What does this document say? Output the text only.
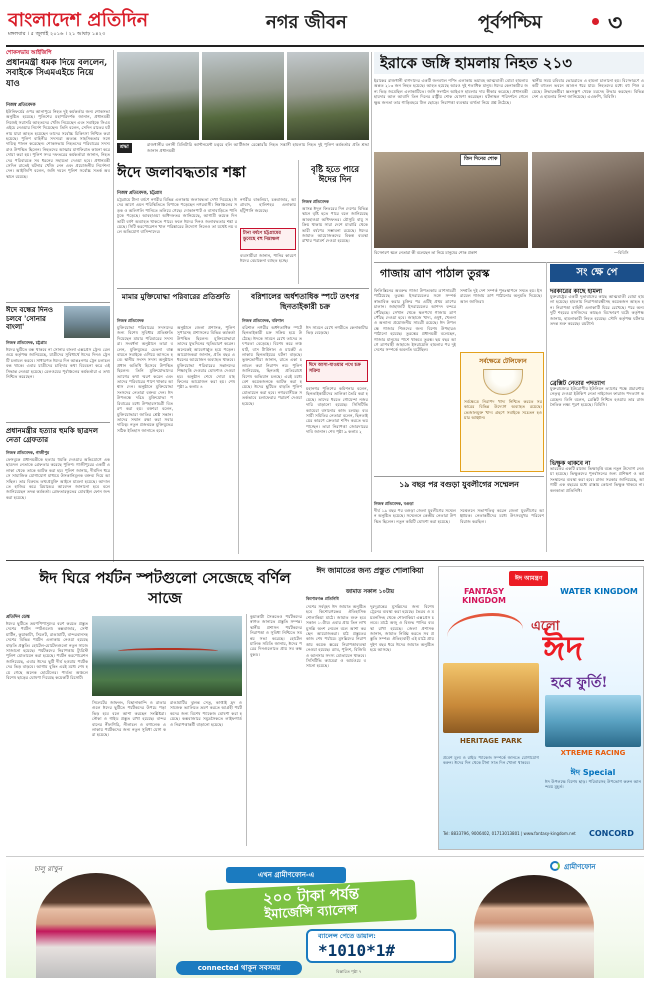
বাংলাদেশ প্রতিদিন
মঙ্গলবার । ৫ জুলাই ২০১৬ । ২১ আষাঢ় ১৪২৩
নগর জীবন	পূর্বপশ্চিম	৩
শোকসভায় আইজিপি
প্রধানমন্ত্রী ধমক দিয়ে বললেন, সবাইকে সিএমএইচে নিয়ে যাও
নিজস্ব প্রতিবেদক
ইউনিফর্মের ওপর আনাপুরে নিহত দুই কর্মকর্তার জন্য শোকসভা অনুষ্ঠিত হয়েছে। পুলিশের মহাপরিদর্শক জানান, প্রধানমন্ত্রী নিজেই সরাসরি আহতদের খোঁজ নিয়েছেন এবং সবাইকে সিএমএইচে নেওয়ার নির্দেশ দিয়েছেন। তিনি বলেন, সেদিন রাতের ঘটনায় যারা আহত হয়েছেন তাদের সর্বোচ্চ চিকিৎসা নিশ্চিত করা হয়েছে। পুলিশ বাহিনীর সদস্যরা অত্যন্ত সাহসিকতার সঙ্গে দায়িত্ব পালন করেছেন। শোকসভায় নিহতদের পরিবারের সদস্যরাও উপস্থিত ছিলেন। নিহতদের আত্মার মাগফিরাত কামনা করে দোয়া করা হয়। পুলিশ সদর দফতরের কর্মকর্তারা জানান, নিহতদের পরিবারকে সব ধরনের সহায়তা দেওয়া হবে। প্রধানমন্ত্রী সেদিন রাতেই ঘটনার খোঁজ নেন এবং প্রয়োজনীয় নির্দেশনা দেন। আইজিপি বলেন, জঙ্গি দমনে পুলিশ সর্বোচ্চ সতর্ক অবস্থানে রয়েছে।
ঈদে বন্ধের দিনও চলবে 'সোনার বাংলা'
নিজস্ব প্রতিবেদক, চট্টগ্রাম
ঈদের ছুটিতে বন্ধ থাকবে না সোনার বাংলা এক্সপ্রেস ট্রেন। রেলওয়ে কর্তৃপক্ষ জানিয়েছে, যাত্রীদের সুবিধার্থে ঈদের দিনও ট্রেনটি চলাচল করবে। সাধারণত ঈদের দিন আন্তঃনগর ট্রেন চলাচল বন্ধ থাকে। এবার যাত্রীদের চাহিদার কথা বিবেচনা করে এই সিদ্ধান্ত নেওয়া হয়েছে। রেলওয়ের পূর্বাঞ্চলের কর্মকর্তারা এ তথ্য নিশ্চিত করেছেন।
প্রধানমন্ত্রীর হত্যার হুমকি ছাত্রদল নেতা গ্রেফতার
নিজস্ব প্রতিবেদক, গাজীপুর
ফেসবুকে প্রধানমন্ত্রীকে হত্যার হুমকি দেওয়ার অভিযোগে এক ছাত্রদল নেতাকে গ্রেফতার করেছে পুলিশ। গাজীপুরের একটি এলাকা থেকে তাকে আটক করা হয়। পুলিশ জানায়, দীর্ঘদিন ধরে সে সামাজিক যোগাযোগ মাধ্যমে উসকানিমূলক বক্তব্য দিয়ে আসছিল। তার বিরুদ্ধে তথ্যপ্রযুক্তি আইনে মামলা হয়েছে। আদালতে হাজির করে রিমান্ডের আবেদন জানানো হবে বলে জানিয়েছেন তদন্ত কর্মকর্তা। গ্রেফতারকৃতের মোবাইল ফোন জব্দ করা হয়েছে।
শ্রদ্ধা	রাজধানীর বনানী মিলিটারি ক্যান্টনমেন্ট চত্বরে হলি আর্টিজান রেস্তোরাঁয় নিহত সন্ত্রাসী হামলায় নিহত দুই পুলিশ কর্মকর্তার প্রতি শ্রদ্ধা জানান প্রধানমন্ত্রী
ইরাকে জঙ্গি হামলায় নিহত ২১৩
ইরাকের রাজধানী বাগদাদের একটি জনবহুল শপিং এলাকায় ভয়াবহ আত্মঘাতী বোমা হামলায় অন্তত ২১৩ জন নিহত হয়েছে। আহত হয়েছে আরও দুই শতাধিক মানুষ। ঈদের কেনাকাটার জন্য ভিড় জমেছিল এলাকাটিতে। জঙ্গি সংগঠন আইএস হামলার দায় স্বীকার করেছে। প্রধানমন্ত্রী হায়দার আল আবাদি তিন দিনের রাষ্ট্রীয় শোক ঘোষণা করেছেন। ঘটনাস্থল পরিদর্শনে গেলে ক্ষুব্ধ জনতা তার গাড়িবহরে ঢিল ছোড়ে। নিরাপত্তা ব্যবস্থার ব্যর্থতা নিয়ে প্রশ্ন উঠেছে।
স্থানীয় সময় রবিবার ভোররাতে এ হামলা চালানো হয়। বিস্ফোরণে একটি বহুতল ভবনে আগুন ধরে যায়। নিহতদের মধ্যে বহু শিশু রয়েছে। উদ্ধারকর্মীরা ধ্বংসস্তূপ থেকে মরদেহ উদ্ধার করছেন। বিভিন্ন দেশ এ হামলার নিন্দা জানিয়েছে। এএফপি, বিবিসি।
তিন দিনের শোক
বিস্ফোরণ স্থলে নেতারা কী বলেছেন তা নিয়ে মানুষের শোক প্রকাশ	—বিবিসি
ঈদে জলাবদ্ধতার শঙ্কা
নিজস্ব প্রতিবেদক, চট্টগ্রাম
চট্টগ্রামে টানা বর্ষণে নগরীর বিভিন্ন এলাকায় জলাবদ্ধতা দেখা দিয়েছে। ঈদের আগে এমন পরিস্থিতিতে বিপাকে পড়েছেন নগরবাসী। নিম্নাঞ্চলের সড়ক ও অলিগলি পানিতে তলিয়ে গেছে। দোকানপাট ও বাসাবাড়িতে পানি ঢুকে পড়েছে। আবহাওয়া অধিদফতর জানিয়েছে, আগামী কয়েক দিন ভারী বর্ষণ অব্যাহত থাকতে পারে। ফলে ঈদের দিনও জলাবদ্ধতার শঙ্কা রয়েছে। সিটি করপোরেশন খাল পরিষ্কারের উদ্যোগ নিলেও তা যথেষ্ট নয় বলে অভিযোগ বাসিন্দাদের।	টানা বর্ষণে চট্টগ্রামের ডুবেছে বহু নিম্নাঞ্চল
নগরীর বাকলিয়া, চকবাজার, আগ্রাবাদ, হালিশহর এলাকায় হাঁটুপানি জমেছে।
ব্যবসায়ীরা জানান, পানির কারণে ঈদের বেচাকেনা ব্যাহত হচ্ছে।
বৃষ্টি হতে পারে ঈদের দিন
নিজস্ব প্রতিবেদক
আসন্ন ঈদুল ফিতরের দিন দেশের বিভিন্ন স্থানে বৃষ্টি হতে পারে বলে জানিয়েছে আবহাওয়া অধিদফতর। মৌসুমি বায়ু সক্রিয় থাকায় সারা দেশে মাঝারি থেকে ভারী বর্ষণের সম্ভাবনা রয়েছে। ঈদের জামাত আয়োজকদের বিকল্প ব্যবস্থা রাখার পরামর্শ দেওয়া হয়েছে।
গাজায় ত্রাণ পাঠাল তুরস্ক
ফিলিস্তিনের অবরুদ্ধ গাজা উপত্যকায় ত্রাণসামগ্রী পাঠিয়েছে তুরস্ক। ইসরায়েলের সঙ্গে সম্পর্ক স্বাভাবিক করার চুক্তির পর এটিই প্রথম ত্রাণের চালান। জাহাজটি ইসরায়েলের আশদদ বন্দরে পৌঁছেছে। সেখান থেকে স্থলপথে গাজায় ত্রাণ পৌঁছে দেওয়া হবে। জাহাজে খাদ্য, ওষুধ, খেলনা ও অন্যান্য প্রয়োজনীয় সামগ্রী রয়েছে। ঈদ উপলক্ষে গাজার শিশুদের জন্য বিশেষ উপহারও পাঠানো হয়েছে। তুরস্কের প্রধানমন্ত্রী বলেছেন, গাজার মানুষের পাশে থাকবে তুরস্ক। ছয় বছর আগে ত্রাণবাহী জাহাজে ইসরায়েলি হামলার পর দুই দেশের সম্পর্কে অবনতি ঘটেছিল।
সম্প্রতি দুই দেশ সম্পর্ক পুনঃস্থাপনে সম্মত হয়। ইসরায়েল গাজায় ত্রাণ পাঠানোর অনুমতি দিয়েছে। আল জাজিরা।
সং ক্ষে পে
দরকারের কাছে হামলা
যুক্তরাষ্ট্রের একটি দূতাবাসের কাছে আত্মঘাতী বোমা হামলা হয়েছে। হামলায় নিরাপত্তারক্ষীসহ কয়েকজন আহত হন। নিরাপত্তা বাহিনী এলাকাটি ঘিরে রেখেছে। পরে অন্য দুটি শহরের মসজিদের কাছেও বিস্ফোরণ ঘটে। কর্তৃপক্ষ জানায়, হামলাকারী নিহত হয়েছে। সৌদি কর্তৃপক্ষ ঘটনার তদন্ত শুরু করেছে। রয়টার্স।
ব্রেক্সিট নেতার পদত্যাগ
যুক্তরাজ্যের ইউরোপীয় ইউনিয়ন ত্যাগের পক্ষে প্রচারণায় নেতৃত্ব দেওয়া ইউকিপ নেতা নাইজেল ফারাজ পদত্যাগ করেছেন। তিনি বলেন, ব্রেক্সিট নিশ্চিত হওয়ায় তার রাজনৈতিক লক্ষ্য পূরণ হয়েছে। বিবিসি।
ভিক্ষুক থাকবে না
ভারতের একটি রাজ্যে ভিক্ষাবৃত্তি বন্ধে নতুন উদ্যোগ নেওয়া হয়েছে। ভিক্ষুকদের পুনর্বাসনের জন্য প্রশিক্ষণ ও কর্মসংস্থানের ব্যবস্থা করা হবে। রাজ্য সরকার জানিয়েছে, আগামী এক বছরের মধ্যে রাস্তায় কোনো ভিক্ষুক থাকবে না। কলকাতা প্রতিনিধি।
মামার মুক্তিযোদ্ধা পরিবারের প্রতিশ্রুতি
নিজস্ব প্রতিবেদক
মুক্তিযোদ্ধা পরিবারের সদস্যদের জন্য বিশেষ সুবিধার প্রতিশ্রুতি দিয়েছেন মামার পরিবারের সদস্যরা। সংবর্ধনা অনুষ্ঠানে তারা বলেন, মুক্তিযুদ্ধের চেতনা বাস্তবায়নে সবাইকে এগিয়ে আসতে হবে। স্থানীয় সংসদ সদস্য অনুষ্ঠানে প্রধান অতিথি হিসেবে উপস্থিত ছিলেন। তিনি মুক্তিযোদ্ধাদের ত্যাগের কথা স্মরণ করেন এবং তাদের পরিবারের পাশে থাকার আশ্বাস দেন। অনুষ্ঠানে মুক্তিযোদ্ধা সংসদের নেতারা বক্তব্য দেন। ঈদ উপলক্ষে দরিদ্র মুক্তিযোদ্ধা পরিবারের মধ্যে উপহারসামগ্রী বিতরণ করা হয়। বক্তারা বলেন, মুক্তিযোদ্ধারা জাতির শ্রেষ্ঠ সন্তান। তাদের সম্মান রক্ষা করা সবার দায়িত্ব। নতুন প্রজন্মকে মুক্তিযুদ্ধের সঠিক ইতিহাস জানাতে হবে।
অনুষ্ঠানে জেলা প্রশাসক, পুলিশ সুপারসহ প্রশাসনের বিভিন্ন কর্মকর্তা উপস্থিত ছিলেন। মুক্তিযোদ্ধারা তাদের যুদ্ধদিনের স্মৃতিচারণ করেন। অনেকেই আবেগাপ্লুত হয়ে পড়েন। আয়োজকরা জানান, প্রতি বছর এ ধরনের আয়োজন অব্যাহত থাকবে। মুক্তিযোদ্ধা পরিবারের সন্তানদের শিক্ষাবৃত্তি দেওয়ার ঘোষণাও দেওয়া হয়। অনুষ্ঠান শেষে দোয়া মাহফিলের আয়োজন করা হয়। শেষ পৃষ্ঠা ৯ কলাম ৪
বরিশালের অর্ধশতাধিক স্পটে তৎপর ছিনতাইকারী চক্র
নিজস্ব প্রতিবেদক, বরিশাল
বরিশাল নগরীর অর্ধশতাধিক স্পটে ছিনতাইকারী চক্র সক্রিয় হয়ে উঠেছে। ঈদকে সামনে রেখে তাদের তৎপরতা বেড়েছে। বিশেষ করে লঞ্চঘাট, বাস টার্মিনাল ও মার্কেট এলাকায় ছিনতাইয়ের ঘটনা বাড়ছে। ভুক্তভোগীরা জানান, রাতে একা চলাচল করা নিরাপদ নয়। পুলিশ জানিয়েছে, ছিনতাই প্রতিরোধে বিশেষ অভিযান চলছে। এরই মধ্যে বেশ কয়েকজনকে আটক করা হয়েছে। ঈদের ছুটিতে বাড়তি পুলিশ মোতায়েন করা হবে। নগরবাসীকে সতর্কভাবে চলাফেরার পরামর্শ দেওয়া হয়েছে।
ঈদে আসা-যাওয়ার পথে চক্র সক্রিয়
ঈদ সামনে রেখে নগরীতে কেনাকাটার ভিড় বেড়েছে।
মহানগর পুলিশের কমিশনার বলেন, ছিনতাইকারীদের তালিকা তৈরি করা হয়েছে। তাদের ধরতে গোয়েন্দা নজরদারি বাড়ানো হয়েছে। সিসিটিভি ক্যামেরা বসানোর কাজ চলছে। ব্যবসায়ী সমিতির নেতারা বলেন, ছিনতাইয়ের কারণে ক্রেতারা শপিং করতে ভয় পাচ্ছেন। তারা নিরাপত্তা জোরদারের দাবি জানান। শেষ পৃষ্ঠা ৯ কলাম ২
সর্বক্ষেত্রে টেলিফোন
সর্বক্ষেত্রে নিরাপদ খাদ্য নিশ্চিত করতে সরকারের বিভিন্ন উদ্যোগ অব্যাহত রয়েছে। ভেজালমুক্ত খাদ্য গ্রহণে সবাইকে সচেতন হওয়ার আহ্বান।
১৯ বছর পর বগুড়া যুবলীগের সম্মেলন
নিজস্ব প্রতিবেদক, বগুড়া
দীর্ঘ ১৯ বছর পর বগুড়া জেলা যুবলীগের সম্মেলন অনুষ্ঠিত হয়েছে। সম্মেলনে কেন্দ্রীয় নেতারা উপস্থিত ছিলেন। নতুন কমিটি ঘোষণা করা হয়েছে।
সম্মেলনে সভাপতিত্ব করেন জেলা যুবলীগের আহ্বায়ক। নেতাকর্মীদের মধ্যে উৎসবমুখর পরিবেশ বিরাজ করছিল।
ঈদ ঘিরে পর্যটন স্পটগুলো সেজেছে বর্ণিল সাজে
প্রতিদিন ডেস্ক
ঈদের ছুটিতে ভ্রমণপিপাসুদের বরণ করতে প্রস্তুত দেশের পর্যটন স্পটগুলো। কক্সবাজার, সেন্ট মার্টিন, কুয়াকাটা, সিলেট, রাঙামাটি, বান্দরবানসহ দেশের বিভিন্ন পর্যটন এলাকায় নেওয়া হয়েছে বাড়তি প্রস্তুতি। হোটেল-মোটেলগুলো নতুন সাজে সাজানো হয়েছে। পর্যটকদের নিরাপত্তায় ট্যুরিস্ট পুলিশ মোতায়েন করা হয়েছে। পর্যটন করপোরেশন জানিয়েছে, এবার ঈদের ছুটি দীর্ঘ হওয়ায় পর্যটকদের ভিড় বাড়বে। আগাম বুকিং এরই মধ্যে শেষ হয়ে গেছে অনেক হোটেলের। পার্বত্য অঞ্চলে বিশেষ ছাড়ের ঘোষণা দিয়েছে কয়েকটি রিসোর্ট।
সিলেটের জাফলং, বিছানাকান্দি ও রাতারগুলে ঈদের ছুটিতে পর্যটকদের উপচে পড়া ভিড় হবে বলে আশা করছেন সংশ্লিষ্টরা। নৌকা ও গাইড প্রস্তুত রাখা হয়েছে। বান্দরবানের নীলগিরি, নীলাচল ও বগালেক এলাকায় পর্যটকদের জন্য নতুন সুবিধা যোগ করা হয়েছে।
রাঙামাটির ঝুলন্ত সেতু, কাপ্তাই হ্রদ ও সাজেক ভ্যালিতে ভ্রমণ করতে আগ্রহী পর্যটকদের জন্য বিশেষ প্যাকেজ ঘোষণা করা হয়েছে। কক্সবাজারে সমুদ্রসৈকতে লাইফগার্ড ও নিরাপত্তাকর্মী বাড়ানো হয়েছে।
কুয়াকাটা সৈকতেও পর্যটকদের স্বাগত জানাতে প্রস্তুতি সম্পন্ন। স্থানীয় প্রশাসন পর্যটকদের নিরাপত্তা ও সুবিধা নিশ্চিতে সমন্বয় সভা করেছে। হোটেল মালিক সমিতি জানায়, ঈদের পরের দিনগুলোতে প্রায় সব কক্ষ বুকড।
ঈদ জামাতের জন্য প্রস্তুত শোলাকিয়া
জামাত সকাল ১০টায়
কিশোরগঞ্জ প্রতিনিধি
দেশের সর্ববৃহৎ ঈদ জামাত অনুষ্ঠিত হবে কিশোরগঞ্জের ঐতিহাসিক শোলাকিয়া মাঠে। জামাত শুরু হবে সকাল ১০টায়। এবার প্রায় তিন লাখ মুসল্লি অংশ নেবেন বলে আশা করছেন আয়োজকরা। মাঠ প্রস্তুতের কাজ শেষ পর্যায়ে। মুসল্লিদের নিরাপত্তায় কয়েক স্তরের নিরাপত্তাব্যবস্থা নেওয়া হয়েছে। র‌্যাব, পুলিশ, বিজিবি ও আনসার সদস্য মোতায়েন থাকবে। সিসিটিভি ক্যামেরা ও আর্চওয়ে বসানো হয়েছে।
দূরদূরান্তের মুসল্লিদের জন্য বিশেষ ট্রেনের ব্যবস্থা করা হয়েছে। ভৈরব ও ময়মনসিংহ থেকে শোলাকিয়া এক্সপ্রেস চলবে। মাঠে অজু ও বিশুদ্ধ পানির ব্যবস্থা রাখা হয়েছে। জেলা প্রশাসক জানান, জামাত নির্বিঘ্ন করতে সব প্রস্তুতি সম্পন্ন। ঐতিহ্যবাহী এই মাঠে প্রায় দুইশ বছর ধরে ঈদের জামাত অনুষ্ঠিত হয়ে আসছে।
ঈদ আমন্ত্রণ
FANTASY KINGDOM
WATER KINGDOM
এলো
ঈদ
হবে ফুর্তি!
HERITAGE PARK
XTREME RACING
ঈদ Special
ঈদ উপলক্ষে বিশেষ ছাড়। পরিবারসহ উপভোগ করুন আনন্দময় মুহূর্ত।
প্রবেশ মূল্য ও রাইড প্যাকেজ সম্পর্কে জানতে যোগাযোগ করুন। ঈদের দিন থেকে টানা সাত দিন খোলা থাকবে।
CONCORD
Tel: 8833796, 9006402, 01713013801 | www.fantasy-kingdom.net
চালু রাখুন
এখন গ্রামীণফোন-এ
২০০ টাকা পর্যন্ত
ইমার্জেন্সি ব্যালেন্স
ব্যালেন্স পেতে ডায়াল:
*1010*1#
connected থাকুন সবসময়
গ্রামীণফোন
বিস্তারিত পৃষ্ঠা ৭
